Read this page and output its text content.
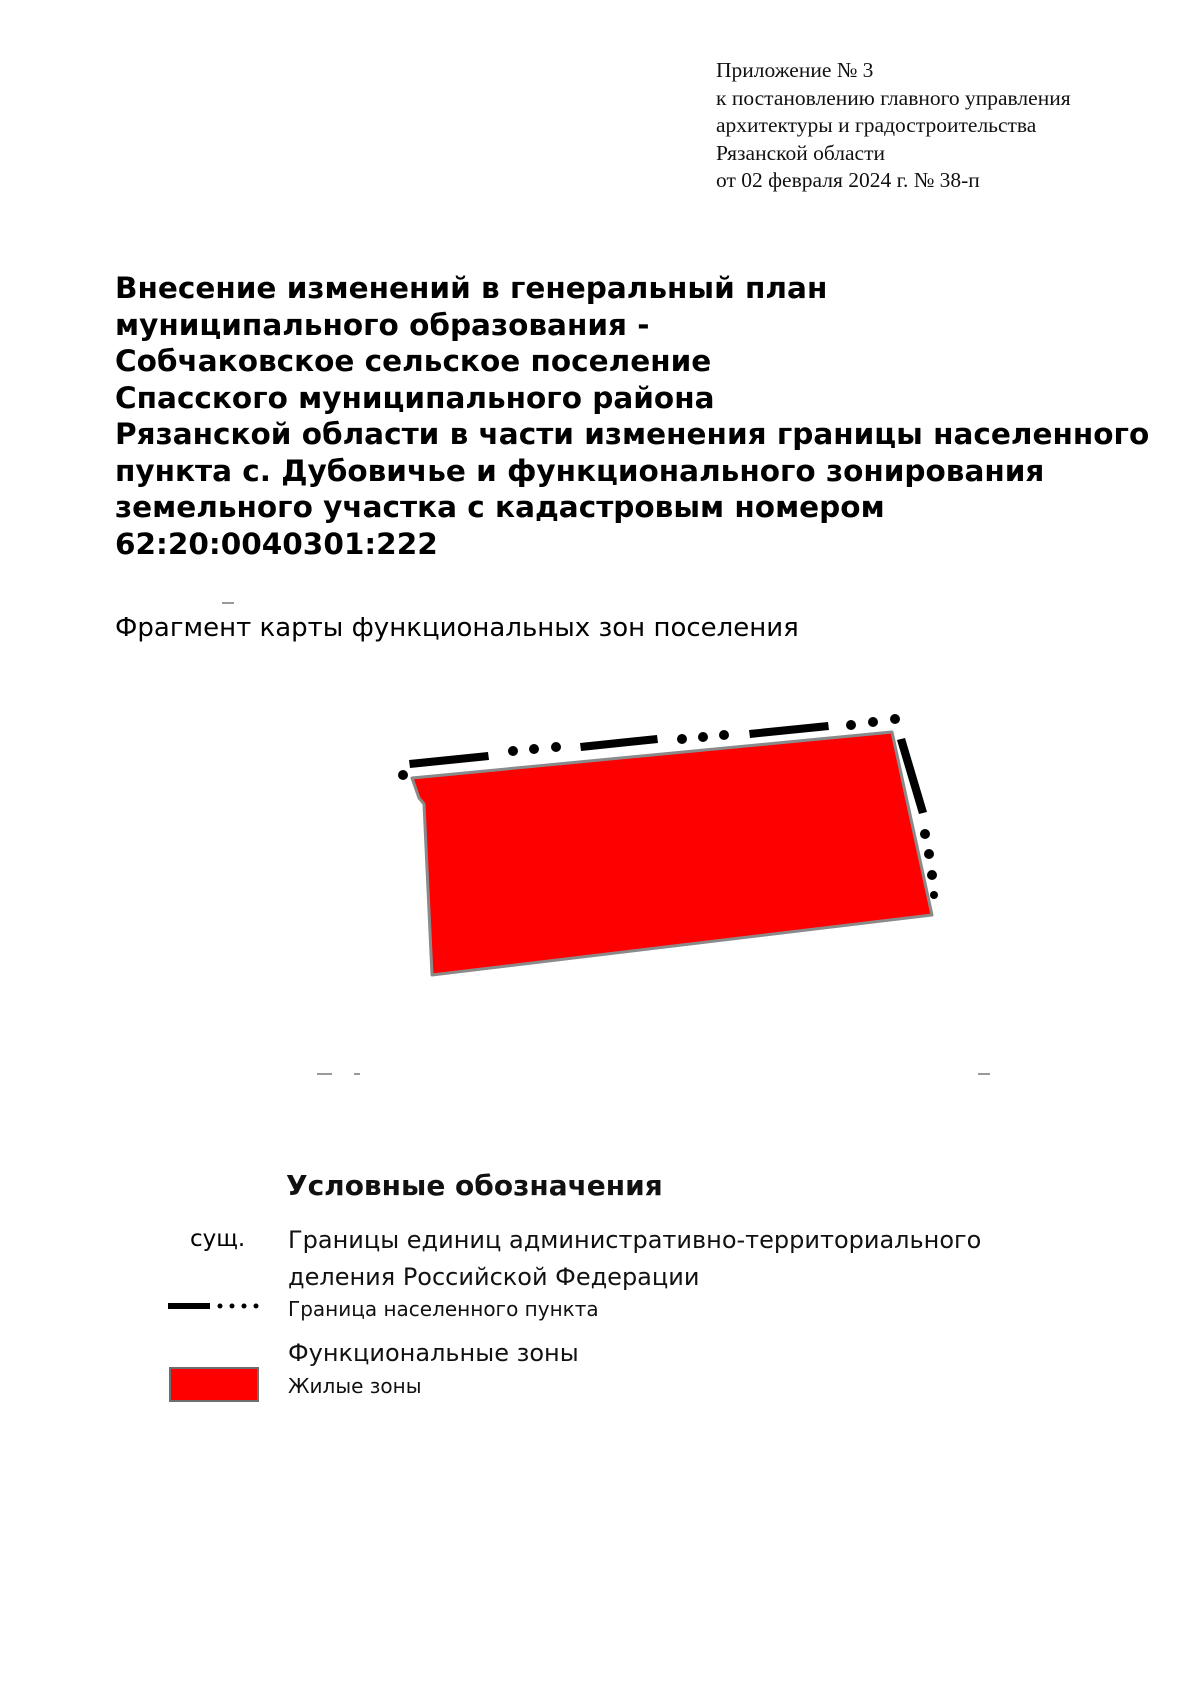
Приложение № 3
к постановлению главного управления
архитектуры и градостроительства
Рязанской области
от 02 февраля 2024 г. № 38-п
Внесение изменений в генеральный план
муниципального образования -
Собчаковское сельское поселение
Спасского муниципального района
Рязанской области в части изменения границы населенного
пункта с. Дубовичье и функционального зонирования
земельного участка с кадастровым номером
62:20:0040301:222
Фрагмент карты функциональных зон поселения
Условные обозначения
сущ. Границы единиц административно-территориального деления Российской Федерации
Граница населенного пункта
Функциональные зоны
Жилые зоны
